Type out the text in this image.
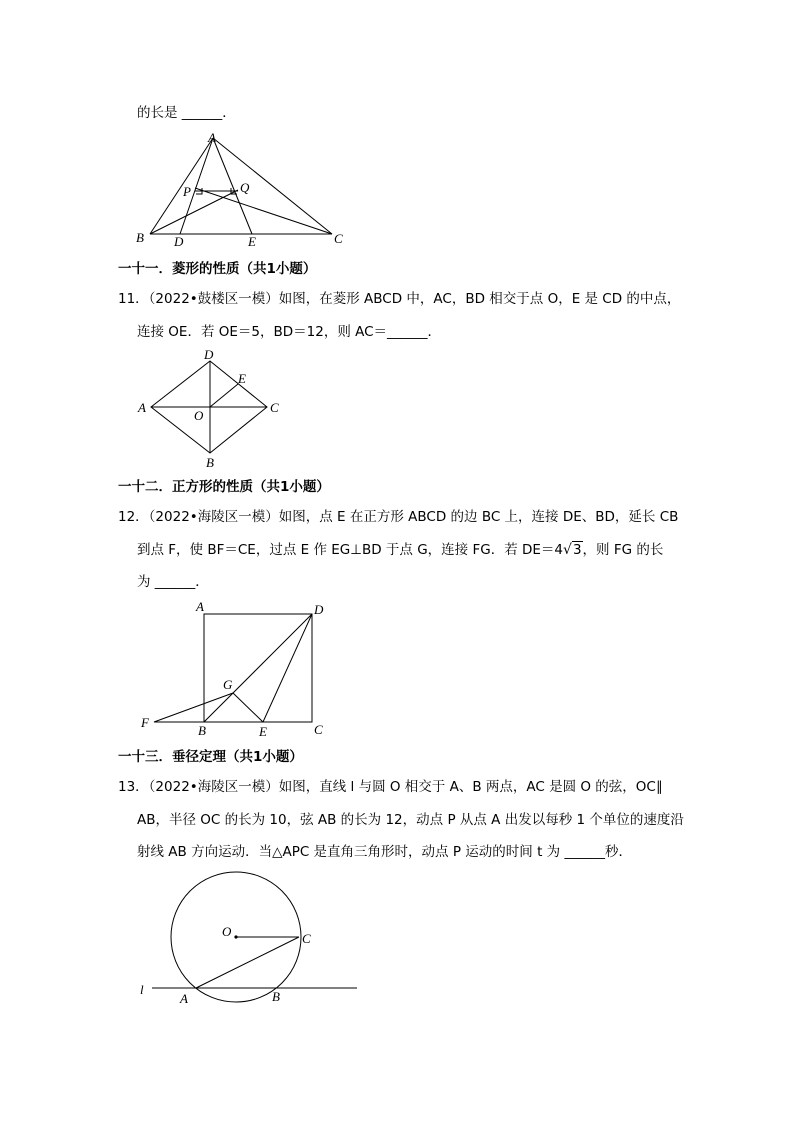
的长是 ______．
A
B	C
D	E
P	Q
一十一．菱形的性质（共1小题）
11．（2022•鼓楼区一模）如图，在菱形 ABCD 中，AC，BD 相交于点 O，E 是 CD 的中点，
连接 OE．若 OE＝5，BD＝12，则 AC＝______．
A
B
C
D
E
O
一十二．正方形的性质（共1小题）
12．（2022•海陵区一模）如图，点 E 在正方形 ABCD 的边 BC 上，连接 DE、BD，延长 CB
到点 F，使 BF＝CE，过点 E 作 EG⊥BD 于点 G，连接 FG．若 DE＝4√3，则 FG 的长
为 ______．
A
B	C
D
E
F
G
一十三．垂径定理（共1小题）
13．（2022•海陵区一模）如图，直线 l 与圆 O 相交于 A、B 两点，AC 是圆 O 的弦，OC∥
AB，半径 OC 的长为 10，弦 AB 的长为 12，动点 P 从点 A 出发以每秒 1 个单位的速度沿
射线 AB 方向运动．当△APC 是直角三角形时，动点 P 运动的时间 t 为 ______秒．
O	C
A	B
l
